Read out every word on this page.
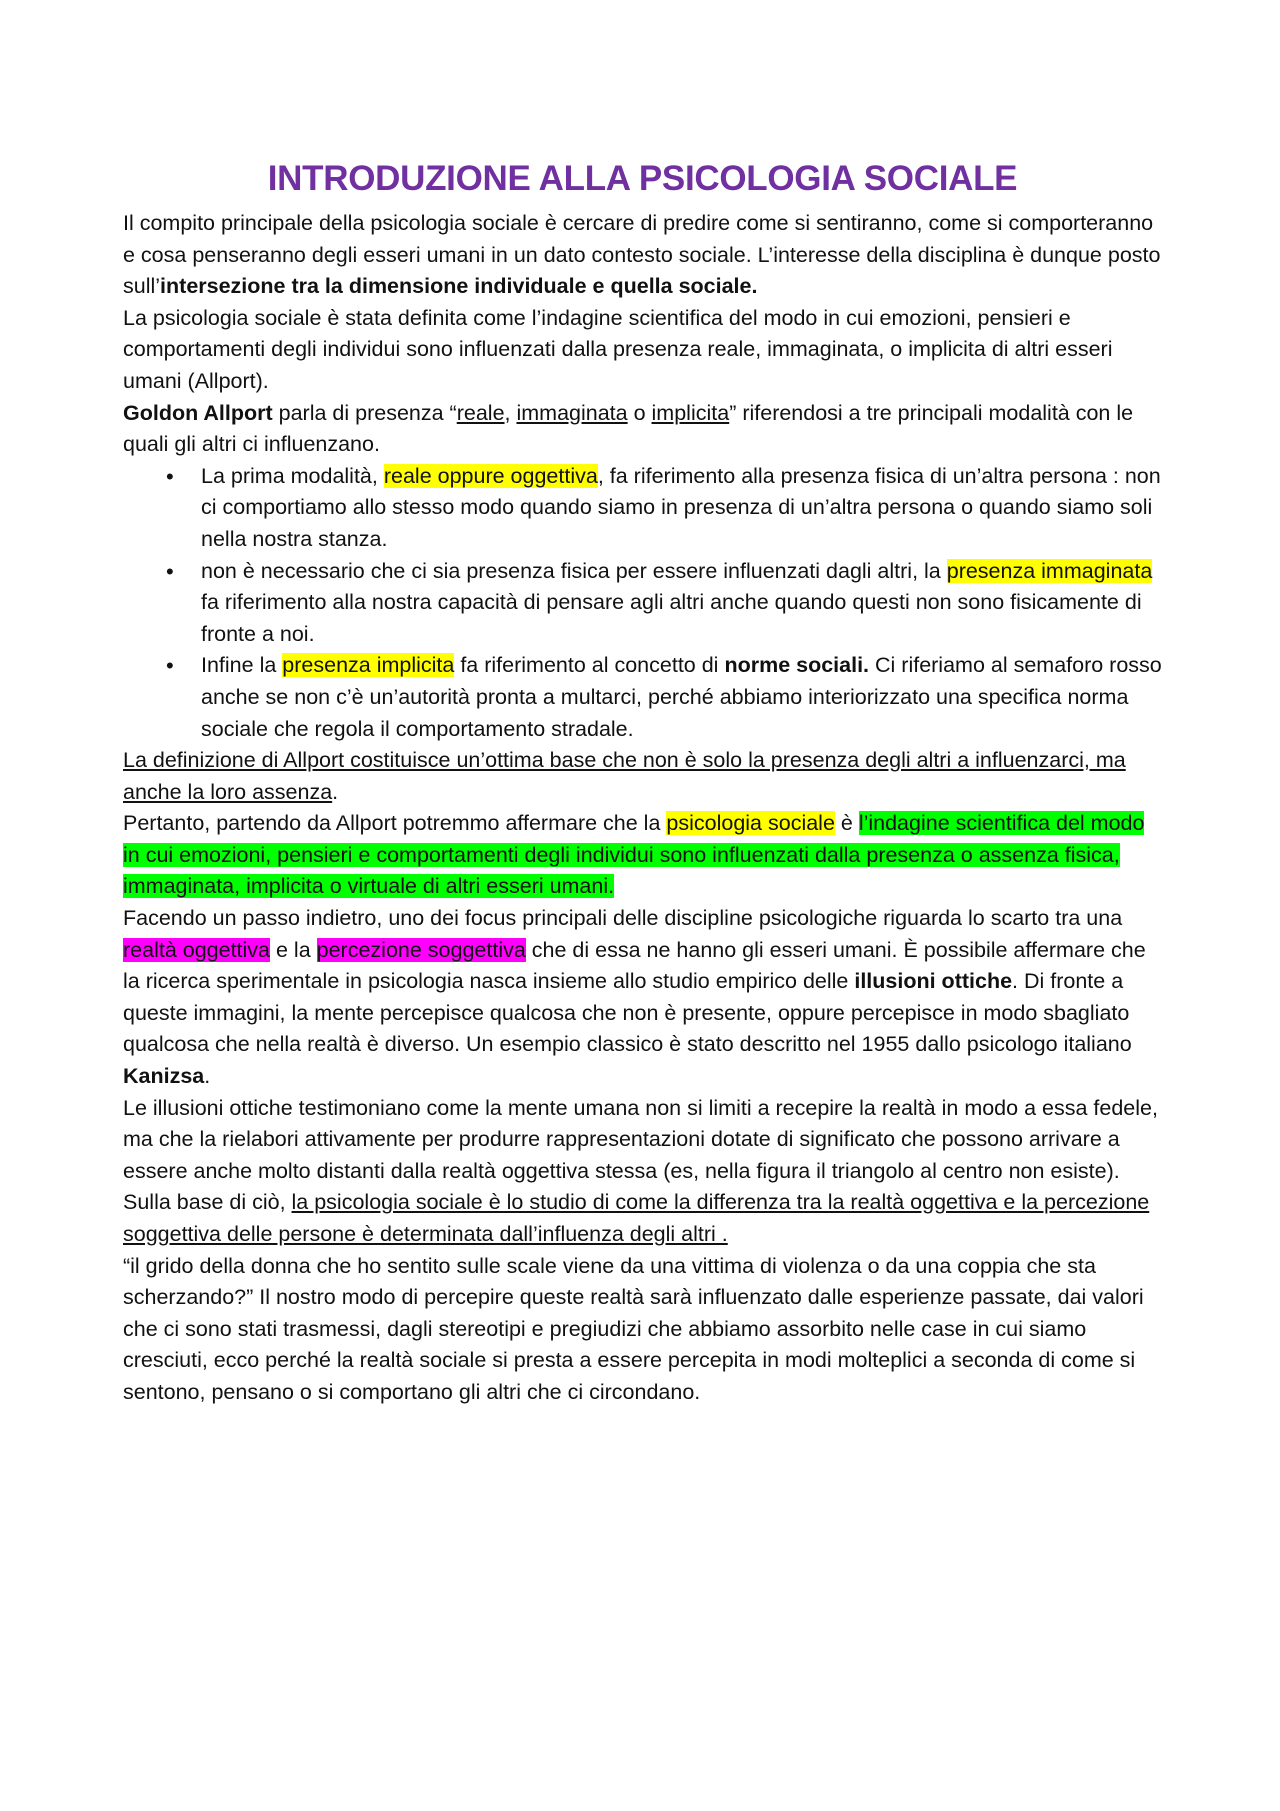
INTRODUZIONE ALLA PSICOLOGIA SOCIALE

Il compito principale della psicologia sociale è cercare di predire come si sentiranno, come si comporteranno e cosa penseranno degli esseri umani in un dato contesto sociale. L’interesse della disciplina è dunque posto sull’intersezione tra la dimensione individuale e quella sociale.

La psicologia sociale è stata definita come l’indagine scientifica del modo in cui emozioni, pensieri e comportamenti degli individui sono influenzati dalla presenza reale, immaginata, o implicita di altri esseri umani (Allport).

Goldon Allport parla di presenza “reale, immaginata o implicita” riferendosi a tre principali modalità con le quali gli altri ci influenzano.

• La prima modalità, reale oppure oggettiva, fa riferimento alla presenza fisica di un’altra persona : non ci comportiamo allo stesso modo quando siamo in presenza di un’altra persona o quando siamo soli nella nostra stanza.
• non è necessario che ci sia presenza fisica per essere influenzati dagli altri, la presenza immaginata fa riferimento alla nostra capacità di pensare agli altri anche quando questi non sono fisicamente di fronte a noi.
• Infine la presenza implicita fa riferimento al concetto di norme sociali. Ci riferiamo al semaforo rosso anche se non c’è un’autorità pronta a multarci, perché abbiamo interiorizzato una specifica norma sociale che regola il comportamento stradale.

La definizione di Allport costituisce un’ottima base che non è solo la presenza degli altri a influenzarci, ma anche la loro assenza.

Pertanto, partendo da Allport potremmo affermare che la psicologia sociale è l’indagine scientifica del modo in cui emozioni, pensieri e comportamenti degli individui sono influenzati dalla presenza o assenza fisica, immaginata, implicita o virtuale di altri esseri umani.

Facendo un passo indietro, uno dei focus principali delle discipline psicologiche riguarda lo scarto tra una realtà oggettiva e la percezione soggettiva che di essa ne hanno gli esseri umani. È possibile affermare che la ricerca sperimentale in psicologia nasca insieme allo studio empirico delle illusioni ottiche. Di fronte a queste immagini, la mente percepisce qualcosa che non è presente, oppure percepisce in modo sbagliato qualcosa che nella realtà è diverso. Un esempio classico è stato descritto nel 1955 dallo psicologo italiano Kanizsa.

Le illusioni ottiche testimoniano come la mente umana non si limiti a recepire la realtà in modo a essa fedele, ma che la rielabori attivamente per produrre rappresentazioni dotate di significato che possono arrivare a essere anche molto distanti dalla realtà oggettiva stessa (es, nella figura il triangolo al centro non esiste).

Sulla base di ciò, la psicologia sociale è lo studio di come la differenza tra la realtà oggettiva e la percezione soggettiva delle persone è determinata dall’influenza degli altri .

“il grido della donna che ho sentito sulle scale viene da una vittima di violenza o da una coppia che sta scherzando?” Il nostro modo di percepire queste realtà sarà influenzato dalle esperienze passate, dai valori che ci sono stati trasmessi, dagli stereotipi e pregiudizi che abbiamo assorbito nelle case in cui siamo cresciuti, ecco perché la realtà sociale si presta a essere percepita in modi molteplici a seconda di come si sentono, pensano o si comportano gli altri che ci circondano.
